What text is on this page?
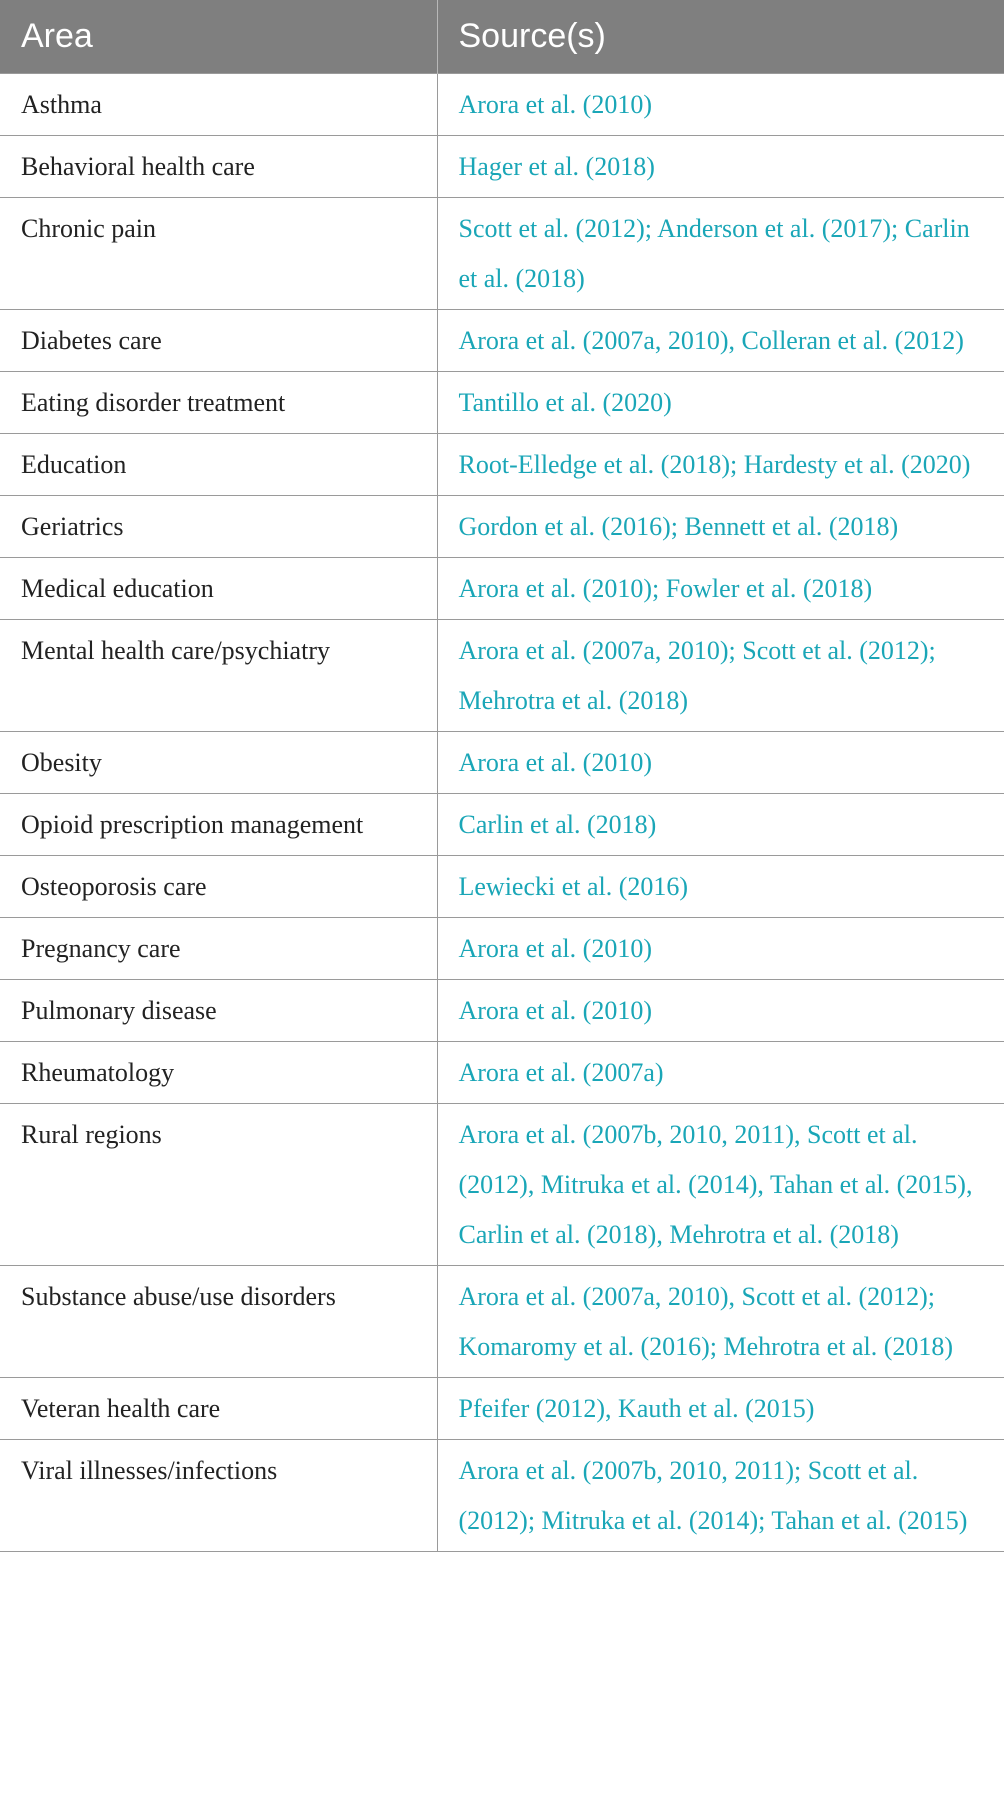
Area	Source(s)
Asthma	Arora et al. (2010)
Behavioral health care	Hager et al. (2018)
Chronic pain	Scott et al. (2012); Anderson et al. (2017); Carlin et al. (2018)
Diabetes care	Arora et al. (2007a, 2010), Colleran et al. (2012)
Eating disorder treatment	Tantillo et al. (2020)
Education	Root-Elledge et al. (2018); Hardesty et al. (2020)
Geriatrics	Gordon et al. (2016); Bennett et al. (2018)
Medical education	Arora et al. (2010); Fowler et al. (2018)
Mental health care/psychiatry	Arora et al. (2007a, 2010); Scott et al. (2012); Mehrotra et al. (2018)
Obesity	Arora et al. (2010)
Opioid prescription management	Carlin et al. (2018)
Osteoporosis care	Lewiecki et al. (2016)
Pregnancy care	Arora et al. (2010)
Pulmonary disease	Arora et al. (2010)
Rheumatology	Arora et al. (2007a)
Rural regions	Arora et al. (2007b, 2010, 2011), Scott et al. (2012), Mitruka et al. (2014), Tahan et al. (2015), Carlin et al. (2018), Mehrotra et al. (2018)
Substance abuse/use disorders	Arora et al. (2007a, 2010), Scott et al. (2012); Komaromy et al. (2016); Mehrotra et al. (2018)
Veteran health care	Pfeifer (2012), Kauth et al. (2015)
Viral illnesses/infections	Arora et al. (2007b, 2010, 2011); Scott et al. (2012); Mitruka et al. (2014); Tahan et al. (2015)
